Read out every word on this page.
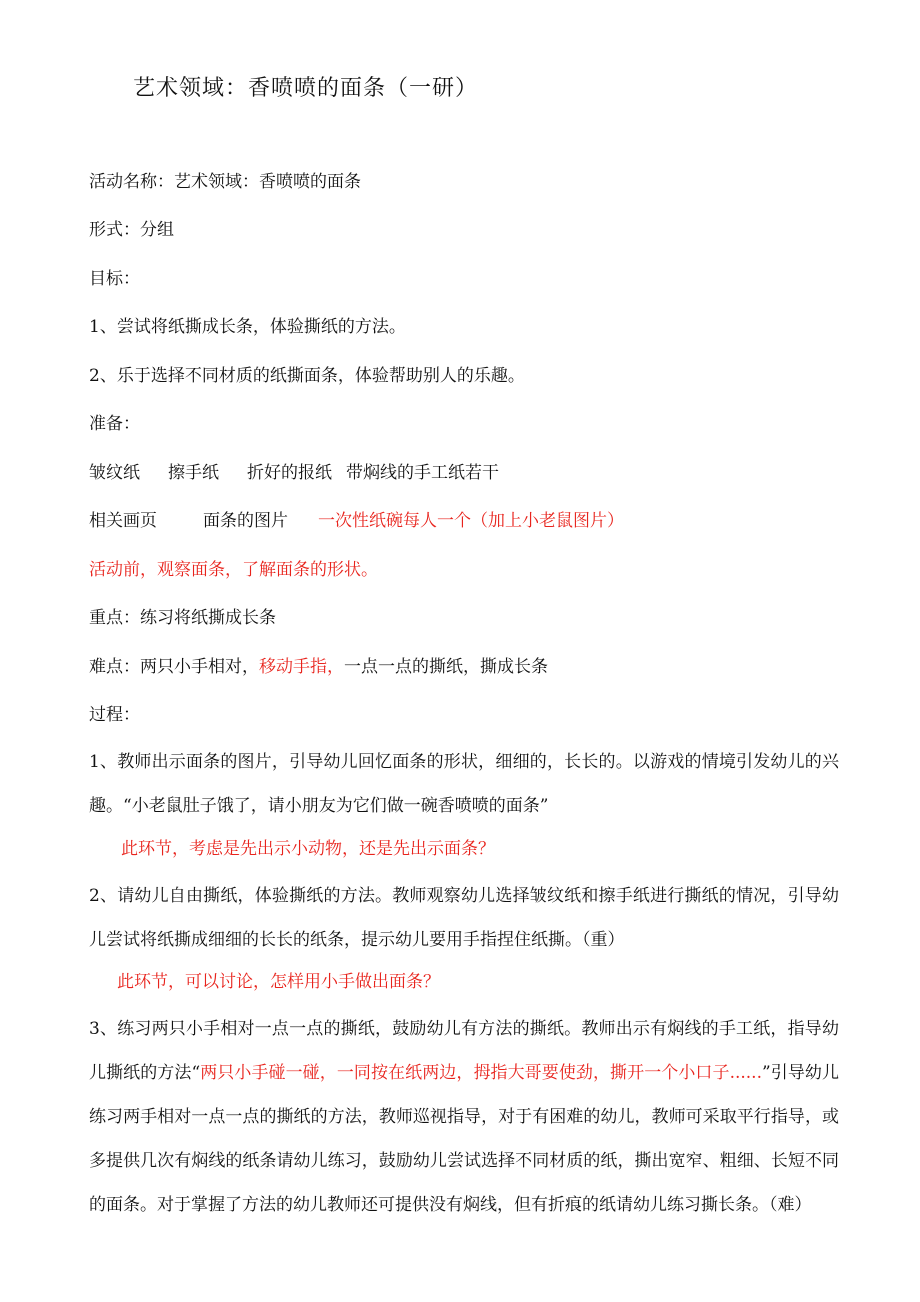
艺术领域：香喷喷的面条（一研）
活动名称：艺术领域：香喷喷的面条
形式：分组
目标：
1、尝试将纸撕成长条，体验撕纸的方法。
2、乐于选择不同材质的纸撕面条，体验帮助别人的乐趣。
准备：
皱纹纸 擦手纸 折好的报纸 带焖线的手工纸若干
相关画页	面条的图片 一次性纸碗每人一个（加上小老鼠图片）
活动前，观察面条，了解面条的形状。
重点：练习将纸撕成长条
难点：两只小手相对，移动手指，一点一点的撕纸，撕成长条
过程：
1、教师出示面条的图片，引导幼儿回忆面条的形状，细细的，长长的。以游戏的情境引发幼儿的兴趣。“小老鼠肚子饿了，请小朋友为它们做一碗香喷喷的面条”
此环节，考虑是先出示小动物，还是先出示面条？
2、请幼儿自由撕纸，体验撕纸的方法。教师观察幼儿选择皱纹纸和擦手纸进行撕纸的情况，引导幼儿尝试将纸撕成细细的长长的纸条，提示幼儿要用手指捏住纸撕。（重）
此环节，可以讨论，怎样用小手做出面条？
3、练习两只小手相对一点一点的撕纸，鼓励幼儿有方法的撕纸。教师出示有焖线的手工纸，指导幼儿撕纸的方法“两只小手碰一碰，一同按在纸两边，拇指大哥要使劲，撕开一个小口子......”引导幼儿练习两手相对一点一点的撕纸的方法，教师巡视指导，对于有困难的幼儿，教师可采取平行指导，或多提供几次有焖线的纸条请幼儿练习，鼓励幼儿尝试选择不同材质的纸，撕出宽窄、粗细、长短不同的面条。对于掌握了方法的幼儿教师还可提供没有焖线，但有折痕的纸请幼儿练习撕长条。（难）
